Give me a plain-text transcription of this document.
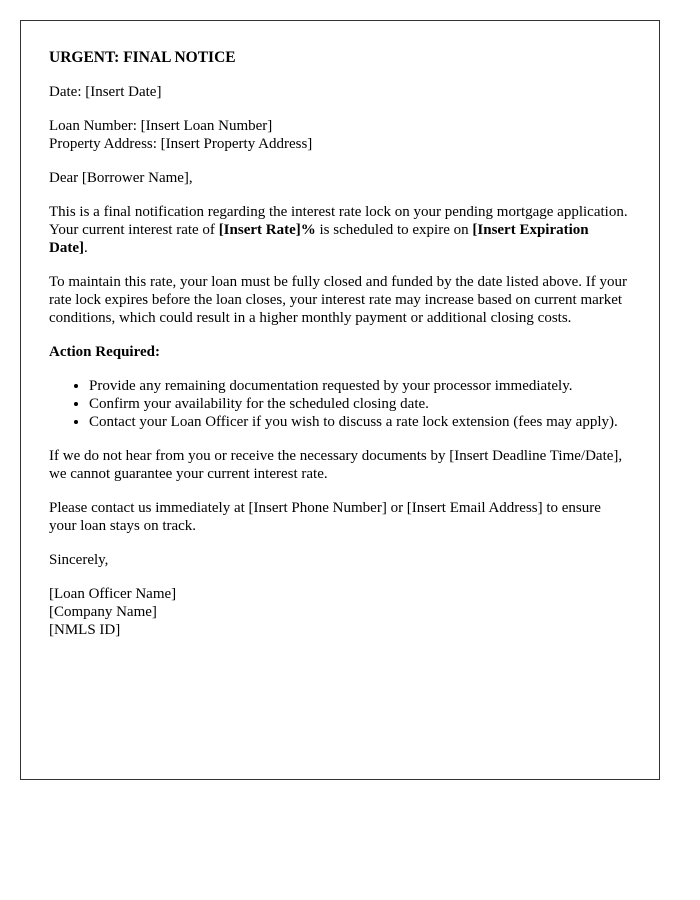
URGENT: FINAL NOTICE

Date: [Insert Date]

Loan Number: [Insert Loan Number]
Property Address: [Insert Property Address]

Dear [Borrower Name],

This is a final notification regarding the interest rate lock on your pending mortgage application. Your current interest rate of [Insert Rate]% is scheduled to expire on [Insert Expiration Date].

To maintain this rate, your loan must be fully closed and funded by the date listed above. If your rate lock expires before the loan closes, your interest rate may increase based on current market conditions, which could result in a higher monthly payment or additional closing costs.

Action Required:
• Provide any remaining documentation requested by your processor immediately.
• Confirm your availability for the scheduled closing date.
• Contact your Loan Officer if you wish to discuss a rate lock extension (fees may apply).

If we do not hear from you or receive the necessary documents by [Insert Deadline Time/Date], we cannot guarantee your current interest rate.

Please contact us immediately at [Insert Phone Number] or [Insert Email Address] to ensure your loan stays on track.

Sincerely,

[Loan Officer Name]
[Company Name]
[NMLS ID]
